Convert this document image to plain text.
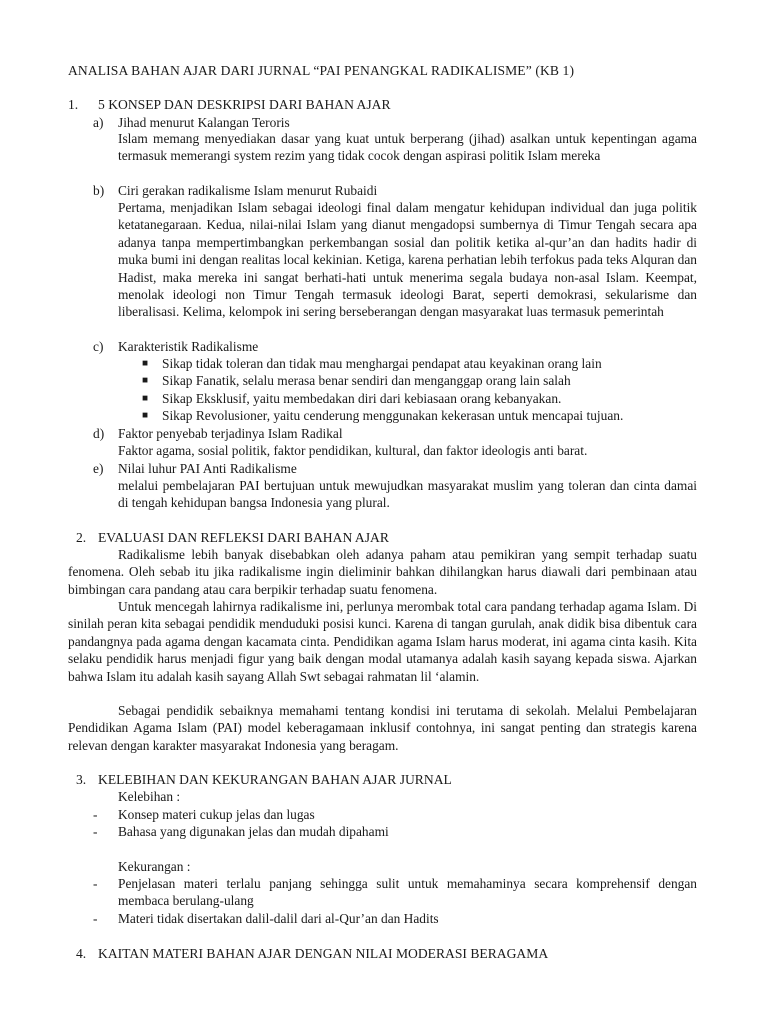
ANALISA BAHAN AJAR DARI JURNAL “PAI PENANGKAL RADIKALISME” (KB 1)
1. 5 KONSEP DAN DESKRIPSI DARI BAHAN AJAR
a) Jihad menurut Kalangan Teroris

Islam memang menyediakan dasar yang kuat untuk berperang (jihad) asalkan untuk kepentingan agama termasuk memerangi system rezim yang tidak cocok dengan aspirasi politik Islam mereka

b) Ciri gerakan radikalisme Islam menurut Rubaidi

Pertama, menjadikan Islam sebagai ideologi final dalam mengatur kehidupan individual dan juga politik ketatanegaraan. Kedua, nilai-nilai Islam yang dianut mengadopsi sumbernya di Timur Tengah secara apa adanya tanpa mempertimbangkan perkembangan sosial dan politik ketika al-qur’an dan hadits hadir di muka bumi ini dengan realitas local kekinian. Ketiga, karena perhatian lebih terfokus pada teks Alquran dan Hadist, maka mereka ini sangat berhati-hati untuk menerima segala budaya non-asal Islam. Keempat, menolak ideologi non Timur Tengah termasuk ideologi Barat, seperti demokrasi, sekularisme dan liberalisasi. Kelima, kelompok ini sering berseberangan dengan masyarakat luas termasuk pemerintah

c) Karakteristik Radikalisme
■ Sikap tidak toleran dan tidak mau menghargai pendapat atau keyakinan orang lain
■ Sikap Fanatik, selalu merasa benar sendiri dan menganggap orang lain salah
■ Sikap Eksklusif, yaitu membedakan diri dari kebiasaan orang kebanyakan.
■ Sikap Revolusioner, yaitu cenderung menggunakan kekerasan untuk mencapai tujuan.
d) Faktor penyebab terjadinya Islam Radikal

Faktor agama, sosial politik, faktor pendidikan, kultural, dan faktor ideologis anti barat.

e) Nilai luhur PAI Anti Radikalisme

melalui pembelajaran PAI bertujuan untuk mewujudkan masyarakat muslim yang toleran dan cinta damai di tengah kehidupan bangsa Indonesia yang plural.

2. EVALUASI DAN REFLEKSI DARI BAHAN AJAR

Radikalisme lebih banyak disebabkan oleh adanya paham atau pemikiran yang sempit terhadap suatu fenomena. Oleh sebab itu jika radikalisme ingin dieliminir bahkan dihilangkan harus diawali dari pembinaan atau bimbingan cara pandang atau cara berpikir terhadap suatu fenomena.

Untuk mencegah lahirnya radikalisme ini, perlunya merombak total cara pandang terhadap agama Islam. Di sinilah peran kita sebagai pendidik menduduki posisi kunci. Karena di tangan gurulah, anak didik bisa dibentuk cara pandangnya pada agama dengan kacamata cinta. Pendidikan agama Islam harus moderat, ini agama cinta kasih. Kita selaku pendidik harus menjadi figur yang baik dengan modal utamanya adalah kasih sayang kepada siswa. Ajarkan bahwa Islam itu adalah kasih sayang Allah Swt sebagai rahmatan lil ‘alamin.

Sebagai pendidik sebaiknya memahami tentang kondisi ini terutama di sekolah. Melalui Pembelajaran Pendidikan Agama Islam (PAI) model keberagamaan inklusif contohnya, ini sangat penting dan strategis karena relevan dengan karakter masyarakat Indonesia yang beragam.

3. KELEBIHAN DAN KEKURANGAN BAHAN AJAR JURNAL
Kelebihan :
- Konsep materi cukup jelas dan lugas
- Bahasa yang digunakan jelas dan mudah dipahami
Kekurangan :
- Penjelasan materi terlalu panjang sehingga sulit untuk memahaminya secara komprehensif dengan membaca berulang-ulang
- Materi tidak disertakan dalil-dalil dari al-Qur’an dan Hadits
4. KAITAN MATERI BAHAN AJAR DENGAN NILAI MODERASI BERAGAMA
